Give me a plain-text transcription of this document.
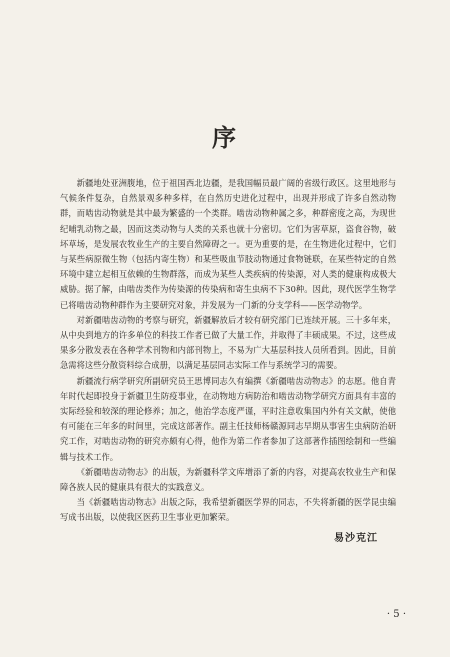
序

新疆地处亚洲腹地，位于祖国西北边疆，是我国幅员最广阔的省级行政区。这里地形与气候条件复杂，自然景观多种多样，在自然历史进化过程中，出现并形成了许多自然动物群，而啮齿动物就是其中最为繁盛的一个类群。啮齿动物种属之多，种群密度之高，为现世纪哺乳动物之最，因而这类动物与人类的关系也就十分密切。它们为害草原，盗食谷物，破坏草场，是发展农牧业生产的主要自然障碍之一。更为重要的是，在生物进化过程中，它们与某些病原微生物（包括内寄生物）和某些吸血节肢动物通过食物链联，在某些特定的自然环境中建立起相互依赖的生物群落，而成为某些人类疾病的传染源，对人类的健康构成极大威胁。据了解，由啮齿类作为传染源的传染病和寄生虫病不下30种。因此，现代医学生物学已将啮齿动物种群作为主要研究对象，并发展为一门新的分支学科——医学动物学。

对新疆啮齿动物的考察与研究，新疆解放后才较有研究部门已连续开展。三十多年来，从中央到地方的许多单位的科技工作者已做了大量工作，并取得了丰硕成果。不过，这些成果多分散发表在各种学术刊物和内部刊物上，不易为广大基层科技人员所看到。因此，目前急需将这些分散资料综合成册，以满足基层同志实际工作与系统学习的需要。

新疆流行病学研究所副研究员王思博同志久有编撰《新疆啮齿动物志》的志愿。他自青年时代起即投身于新疆卫生防疫事业，在动物地方病防治和啮齿动物学研究方面具有丰富的实际经验和较深的理论修养；加之，他治学态度严谨，平时注意收集国内外有关文献，使他有可能在三年多的时间里，完成这部著作。副主任技师杨赣源同志早期从事害生虫病防治研究工作，对啮齿动物的研究亦颇有心得，他作为第二作者参加了这部著作插图绘制和一些编辑与技术工作。

《新疆啮齿动物志》的出版，为新疆科学文库增添了新的内容，对提高农牧业生产和保障各族人民的健康具有很大的实践意义。

当《新疆啮齿动物志》出版之际，我希望新疆医学界的同志，不失将新疆的医学昆虫编写成书出版，以使我区医药卫生事业更加繁荣。

易沙克江
· 5 ·
